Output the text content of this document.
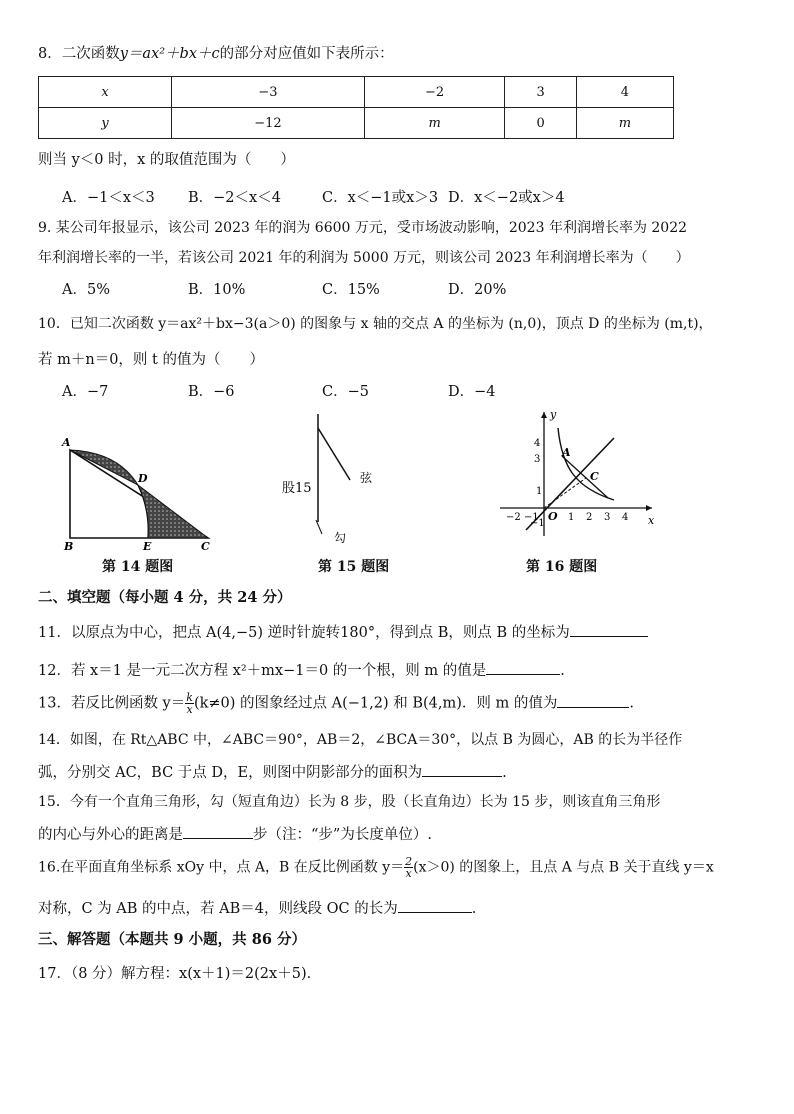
8．二次函数y＝ax²＋bx＋c的部分对应值如下表所示：
x	−3	−2	3	4
y	−12	m	0	m
则当 y＜0 时，x 的取值范围为（　　）
A．−1＜x＜3 B．−2＜x＜4	C．x＜−1或x＞3 D．x＜−2或x＞4
9. 某公司年报显示，该公司 2023 年的润为 6600 万元，受市场波动影响，2023 年利润增长率为 2022
年利润增长率的一半，若该公司 2021 年的利润为 5000 万元，则该公司 2023 年利润增长率为（　　）
A．5%	B．10%	C．15%	D．20%
10．已知二次函数 y＝ax²＋bx−3(a＞0) 的图象与 x 轴的交点 A 的坐标为 (n,0)，顶点 D 的坐标为 (m,t)，
若 m＋n＝0，则 t 的值为（　　）
A．−7	B．−6	C．−5	D．−4
A
D
B	E	C
第 14 题图
股15
弦
勾
第 15 题图
y
x
O
A
C
4
3
1
−1
−2	1 2 3 4
−1
第 16 题图
二、填空题（每小题 4 分，共 24 分）
11．以原点为中心，把点 A(4,−5) 逆时针旋转180°，得到点 B，则点 B 的坐标为
12．若 x＝1 是一元二次方程 x²＋mx−1＝0 的一个根，则 m 的值是	.
13．若反比例函数 $y= \frac{k}{x} (k\ne 0)$ 的图象经过点 A(−1,2) 和 B(4,m)．则 m 的值为	.
14．如图，在 Rt△ABC 中，∠ABC＝90°，AB＝2，∠BCA＝30°，以点 B 为圆心，AB 的长为半径作
弧，分别交 AC，BC 于点 D，E，则图中阴影部分的面积为	.
15．今有一个直角三角形，勾（短直角边）长为 8 步，股（长直角边）长为 15 步，则该直角三角形
的内心与外心的距离是	步（注：“步”为长度单位）.
16.在平面直角坐标系 xOy 中，点 A，B 在反比例函数 $y= \frac{2}{x} (x>0)$ 的图象上，且点 A 与点 B 关于直线 y＝x
对称，C 为 AB 的中点，若 AB＝4，则线段 OC 的长为	.
三、解答题（本题共 9 小题，共 86 分）
17．（8 分）解方程：x(x＋1)＝2(2x＋5)．
